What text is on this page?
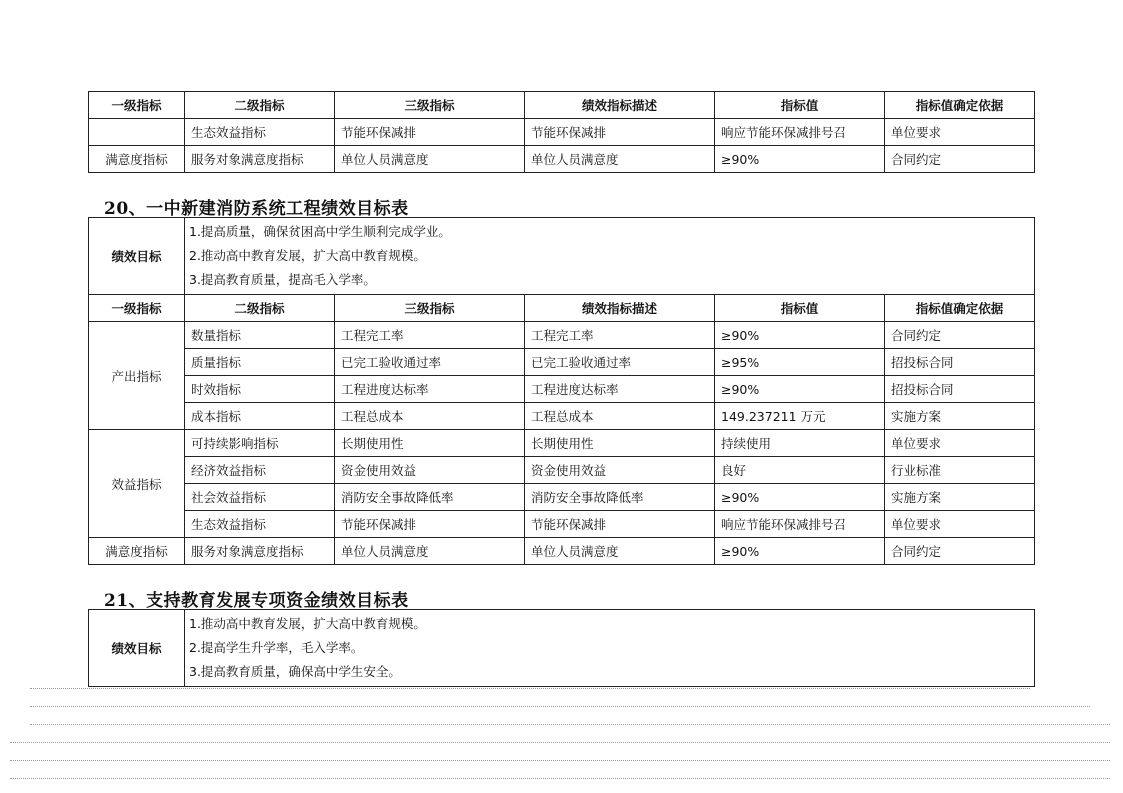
一级指标	二级指标	三级指标	绩效指标描述	指标值	指标值确定依据
	生态效益指标	节能环保减排	节能环保减排	响应节能环保减排号召	单位要求
满意度指标	服务对象满意度指标	单位人员满意度	单位人员满意度	≥90%	合同约定
20、一中新建消防系统工程绩效目标表
绩效目标	1.提高质量，确保贫困高中学生顺利完成学业。
2.推动高中教育发展，扩大高中教育规模。
3.提高教育质量，提高毛入学率。				

一级指标	二级指标	三级指标	绩效指标描述	指标值	指标值确定依据
产出指标	数量指标	工程完工率	工程完工率	≥90%	合同约定
	质量指标	已完工验收通过率	已完工验收通过率	≥95%	招投标合同
	时效指标	工程进度达标率	工程进度达标率	≥90%	招投标合同
	成本指标	工程总成本	工程总成本	149.237211 万元	实施方案
效益指标	可持续影响指标	长期使用性	长期使用性	持续使用	单位要求
	经济效益指标	资金使用效益	资金使用效益	良好	行业标准
	社会效益指标	消防安全事故降低率	消防安全事故降低率	≥90%	实施方案
	生态效益指标	节能环保减排	节能环保减排	响应节能环保减排号召	单位要求
满意度指标	服务对象满意度指标	单位人员满意度	单位人员满意度	≥90%	合同约定
21、支持教育发展专项资金绩效目标表
绩效目标	
1.推动高中教育发展，扩大高中教育规模。
2.提高学生升学率，毛入学率。
3.提高教育质量，确保高中学生安全。
